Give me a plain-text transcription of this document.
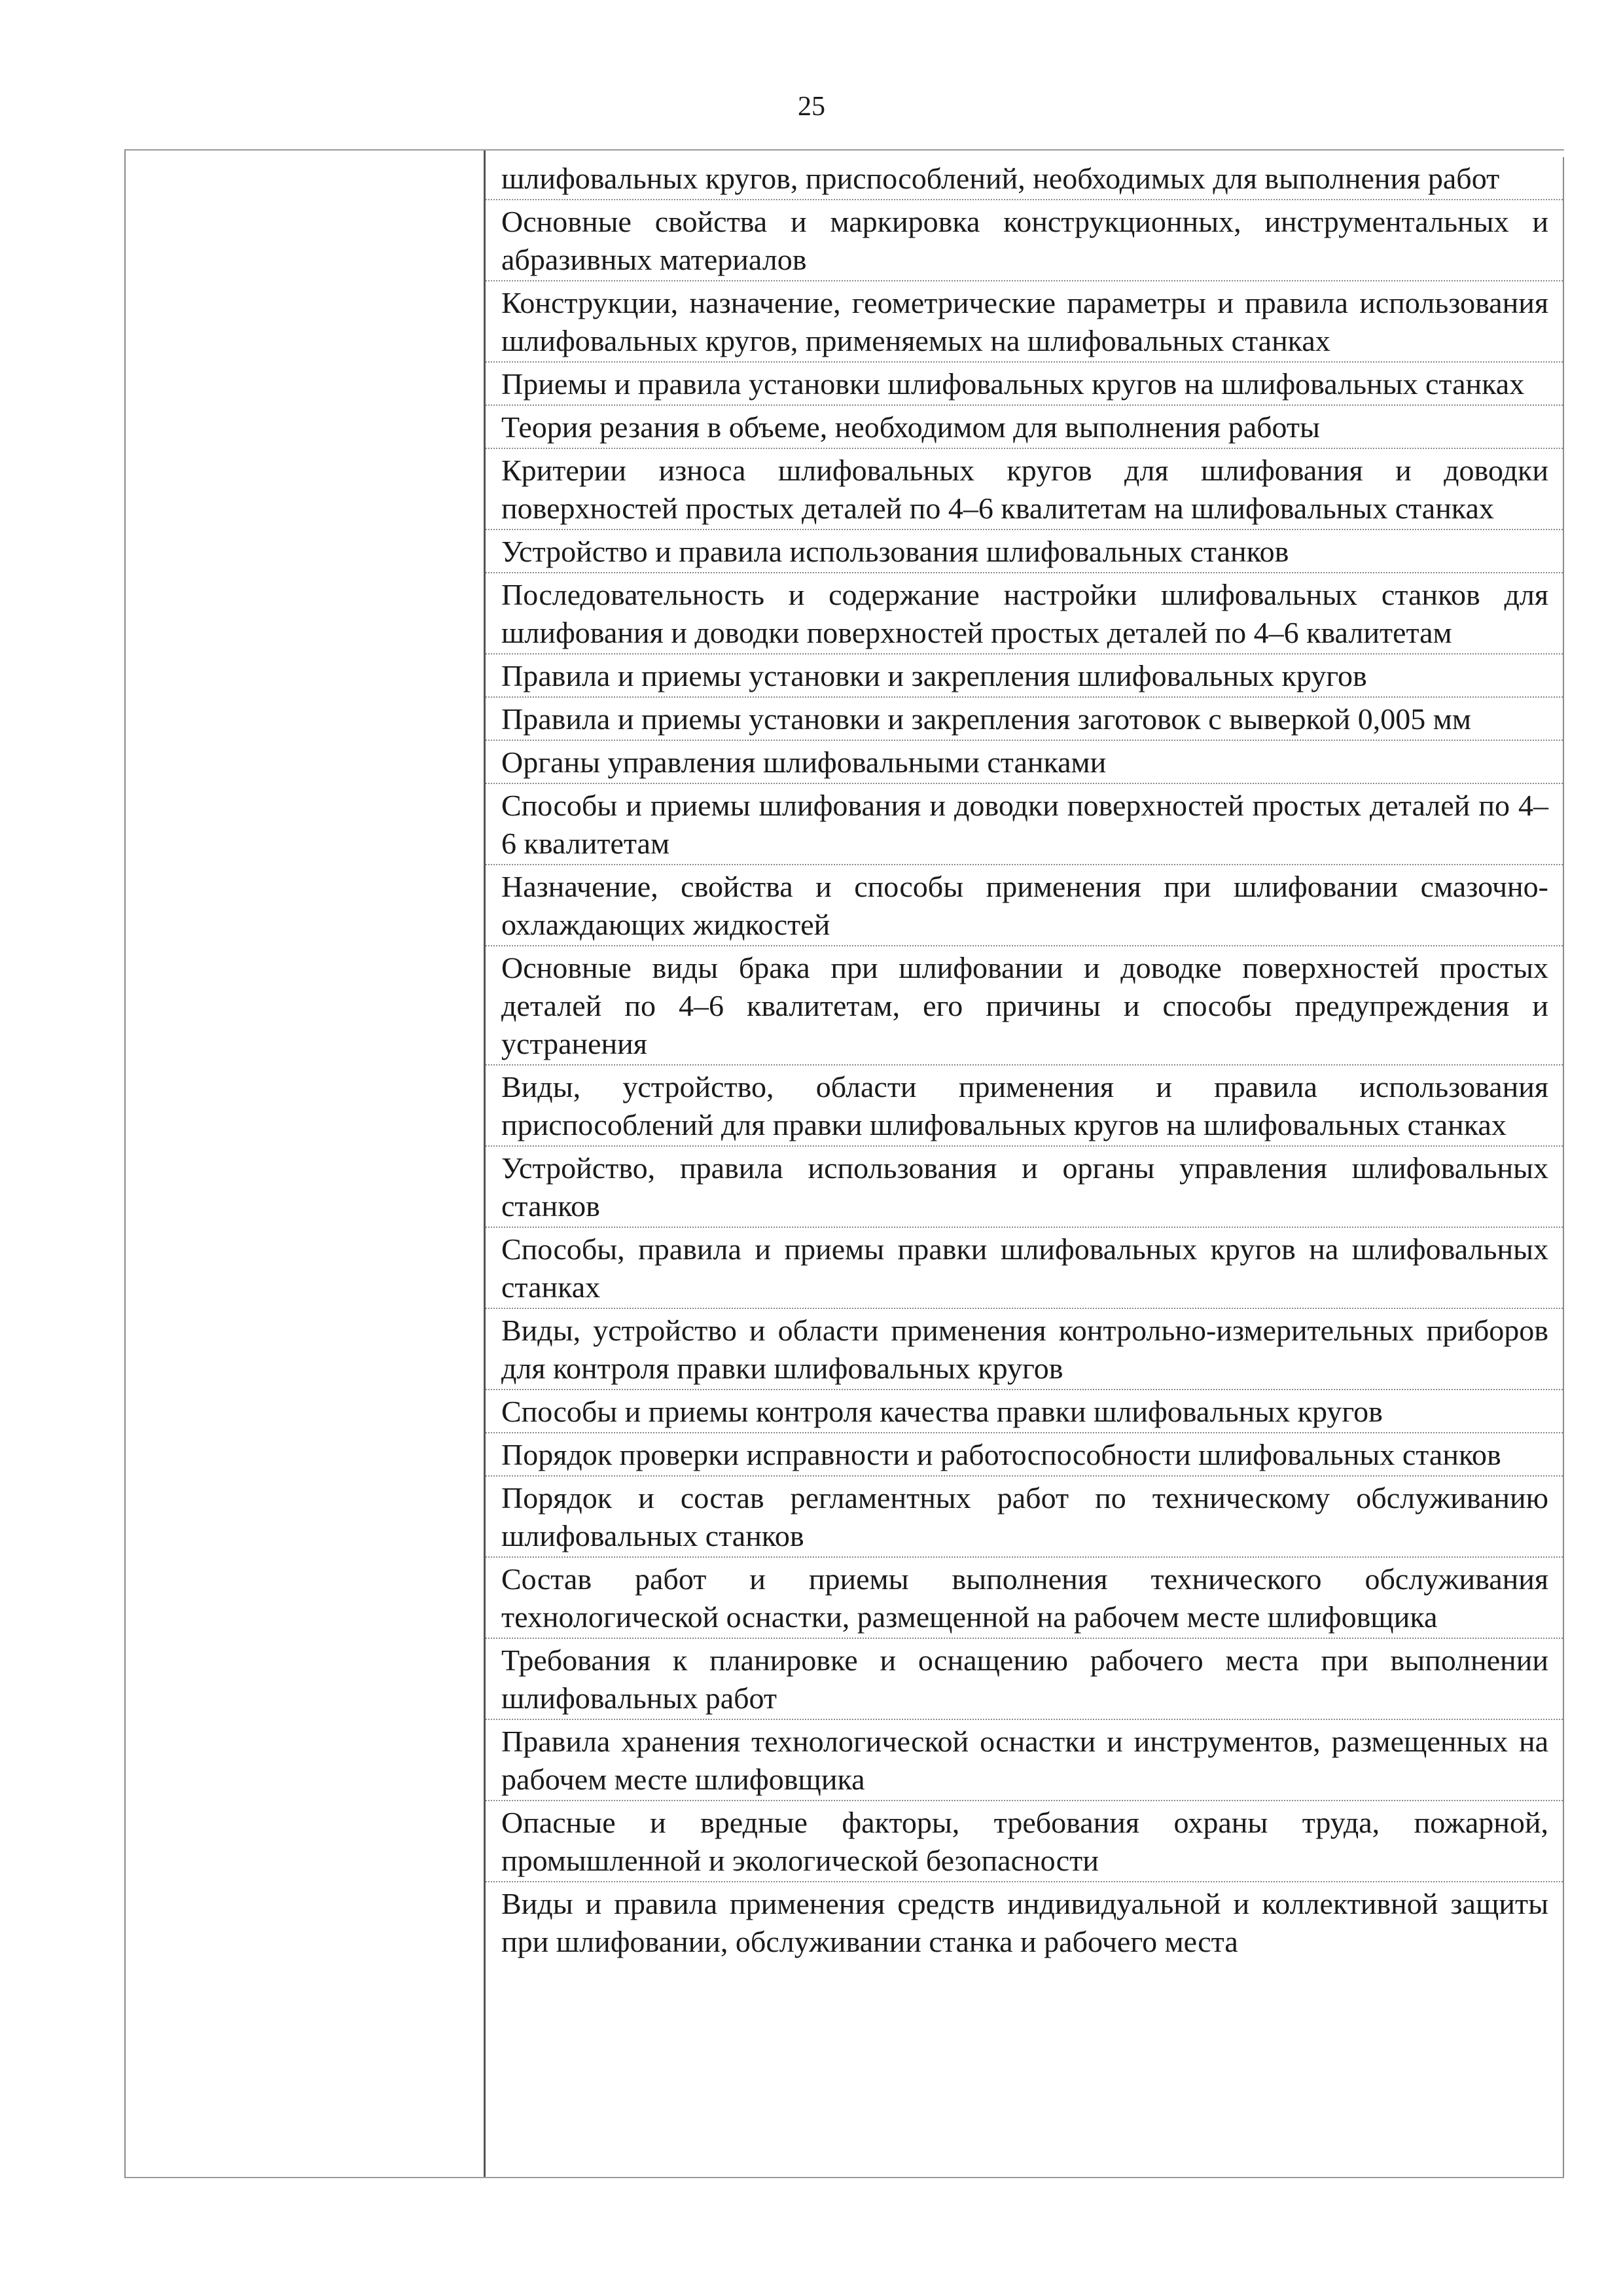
25
шлифовальных кругов, приспособлений, необходимых для выполнения работ
Основные свойства и маркировка конструкционных, инструментальных и абразивных материалов
Конструкции, назначение, геометрические параметры и правила использования шлифовальных кругов, применяемых на шлифовальных станках
Приемы и правила установки шлифовальных кругов на шлифовальных станках
Теория резания в объеме, необходимом для выполнения работы
Критерии износа шлифовальных кругов для шлифования и доводки поверхностей простых деталей по 4–6 квалитетам на шлифовальных станках
Устройство и правила использования шлифовальных станков
Последовательность и содержание настройки шлифовальных станков для шлифования и доводки поверхностей простых деталей по 4–6 квалитетам
Правила и приемы установки и закрепления шлифовальных кругов
Правила и приемы установки и закрепления заготовок с выверкой 0,005 мм
Органы управления шлифовальными станками
Способы и приемы шлифования и доводки поверхностей простых деталей по 4–6 квалитетам
Назначение, свойства и способы применения при шлифовании смазочно-охлаждающих жидкостей
Основные виды брака при шлифовании и доводке поверхностей простых деталей по 4–6 квалитетам, его причины и способы предупреждения и устранения
Виды, устройство, области применения и правила использования приспособлений для правки шлифовальных кругов на шлифовальных станках
Устройство, правила использования и органы управления шлифовальных станков
Способы, правила и приемы правки шлифовальных кругов на шлифовальных станках
Виды, устройство и области применения контрольно-измерительных приборов для контроля правки шлифовальных кругов
Способы и приемы контроля качества правки шлифовальных кругов
Порядок проверки исправности и работоспособности шлифовальных станков
Порядок и состав регламентных работ по техническому обслуживанию шлифовальных станков
Состав работ и приемы выполнения технического обслуживания технологической оснастки, размещенной на рабочем месте шлифовщика
Требования к планировке и оснащению рабочего места при выполнении шлифовальных работ
Правила хранения технологической оснастки и инструментов, размещенных на рабочем месте шлифовщика
Опасные и вредные факторы, требования охраны труда, пожарной, промышленной и экологической безопасности
Виды и правила применения средств индивидуальной и коллективной защиты при шлифовании, обслуживании станка и рабочего места
